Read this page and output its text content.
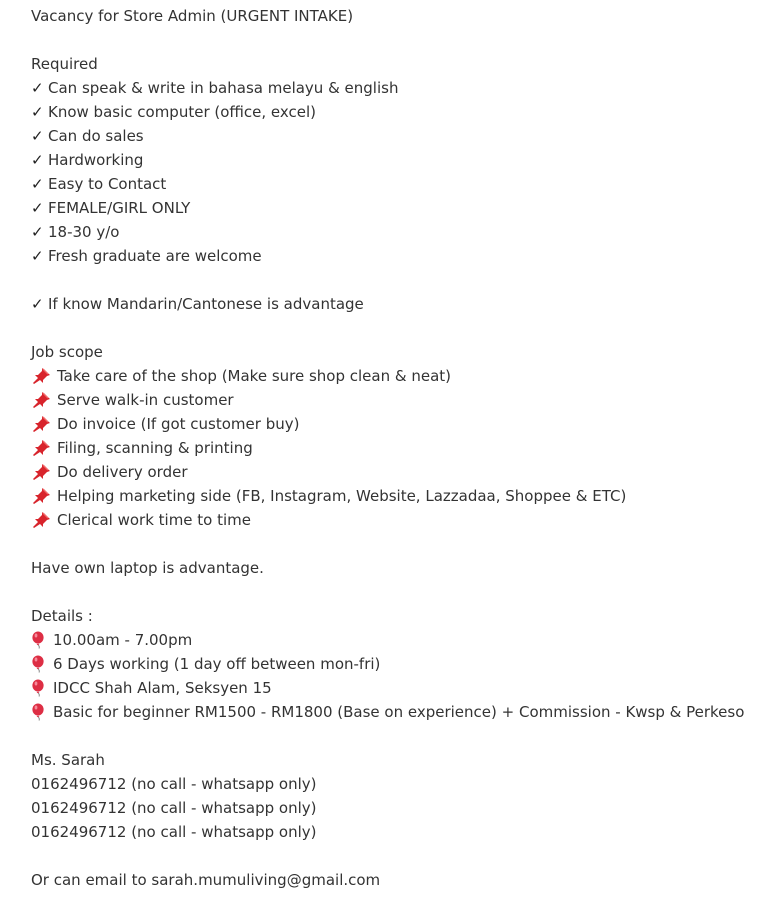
Vacancy for Store Admin (URGENT INTAKE)
Required
✓ Can speak & write in bahasa melayu & english
✓ Know basic computer (office, excel)
✓ Can do sales
✓ Hardworking
✓ Easy to Contact
✓ FEMALE/GIRL ONLY
✓ 18-30 y/o
✓ Fresh graduate are welcome
✓ If know Mandarin/Cantonese is advantage
Job scope
Take care of the shop (Make sure shop clean & neat)
Serve walk-in customer
Do invoice (If got customer buy)
Filing, scanning & printing
Do delivery order
Helping marketing side (FB, Instagram, Website, Lazzadaa, Shoppee & ETC)
Clerical work time to time
Have own laptop is advantage.
Details :
10.00am - 7.00pm
6 Days working (1 day off between mon-fri)
IDCC Shah Alam, Seksyen 15
Basic for beginner RM1500 - RM1800 (Base on experience) + Commission - Kwsp & Perkeso
Ms. Sarah
0162496712 (no call - whatsapp only)
0162496712 (no call - whatsapp only)
0162496712 (no call - whatsapp only)
Or can email to sarah.mumuliving@gmail.com
